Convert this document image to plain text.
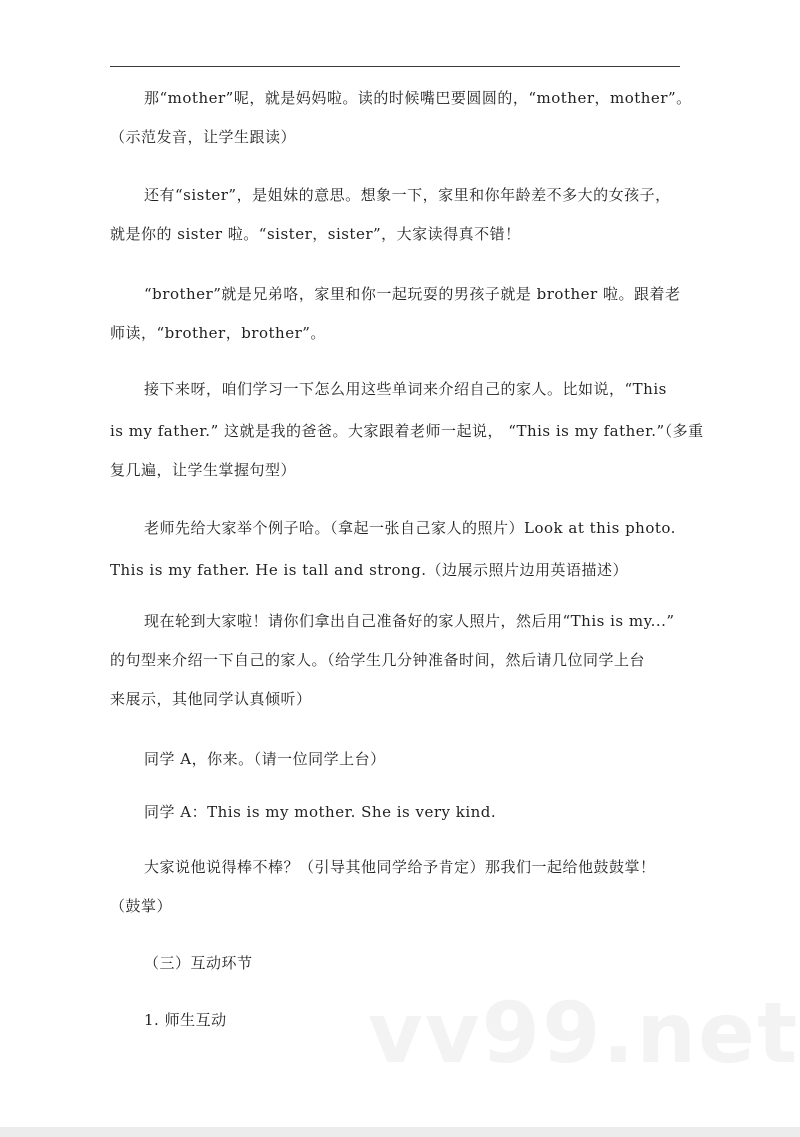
那“mother”呢，就是妈妈啦。读的时候嘴巴要圆圆的，“mother，mother”。
（示范发音，让学生跟读）

还有“sister”，是姐妹的意思。想象一下，家里和你年龄差不多大的女孩子，
就是你的 sister 啦。“sister，sister”，大家读得真不错！

“brother”就是兄弟咯，家里和你一起玩耍的男孩子就是 brother 啦。跟着老
师读，“brother，brother”。

接下来呀，咱们学习一下怎么用这些单词来介绍自己的家人。比如说，“This
is my father.” 这就是我的爸爸。大家跟着老师一起说， “This is my father.”（多重
复几遍，让学生掌握句型）

老师先给大家举个例子哈。（拿起一张自己家人的照片）Look at this photo.
This is my father. He is tall and strong.（边展示照片边用英语描述）

现在轮到大家啦！请你们拿出自己准备好的家人照片，然后用“This is my...”
的句型来介绍一下自己的家人。（给学生几分钟准备时间，然后请几位同学上台
来展示，其他同学认真倾听）

同学 A，你来。（请一位同学上台）

同学 A：This is my mother. She is very kind.

大家说他说得棒不棒？（引导其他同学给予肯定）那我们一起给他鼓鼓掌！
（鼓掌）

（三）互动环节

1. 师生互动
